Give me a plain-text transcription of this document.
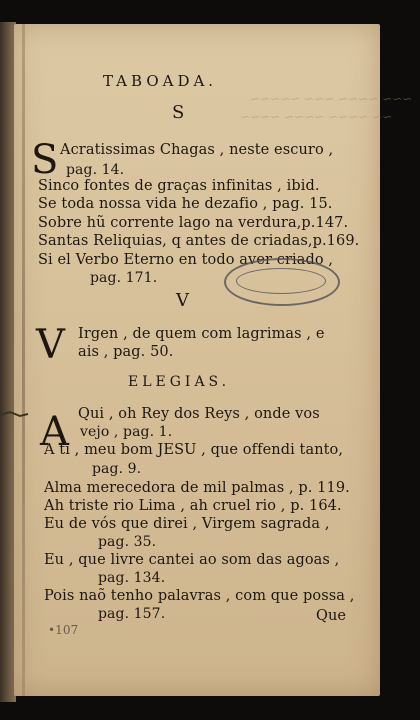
~~~ ~~~~ ~~~ ~~~~~
~~ ~~~~ ~~~~ ~~~~
TABOADA.
S
S Acratissimas Chagas , neste escuro ,
pag. 14.
Sinco fontes de graças infinitas , ibid.
Se toda nossa vida he dezafio , pag. 15.
Sobre hũ corrente lago na verdura,p.147.
Santas Reliquias, q antes de criadas,p.169.
Si el Verbo Eterno en todo aver criado ,
pag. 171.
V
V Irgen , de quem com lagrimas , e
ais , pag. 50.
ELEGIAS.
A Qui , oh Rey dos Reys , onde vos
vejo , pag. 1.
A ti , meu bom JESU , que offendi tanto,
pag. 9.
Alma merecedora de mil palmas , p. 119.
Ah triste rio Lima , ah cruel rio , p. 164.
Eu de vós que direi , Virgem sagrada ,
pag. 35.
Eu , que livre cantei ao som das agoas ,
pag. 134.
Pois naõ tenho palavras , com que possa ,
pag. 157.	Que
•107
